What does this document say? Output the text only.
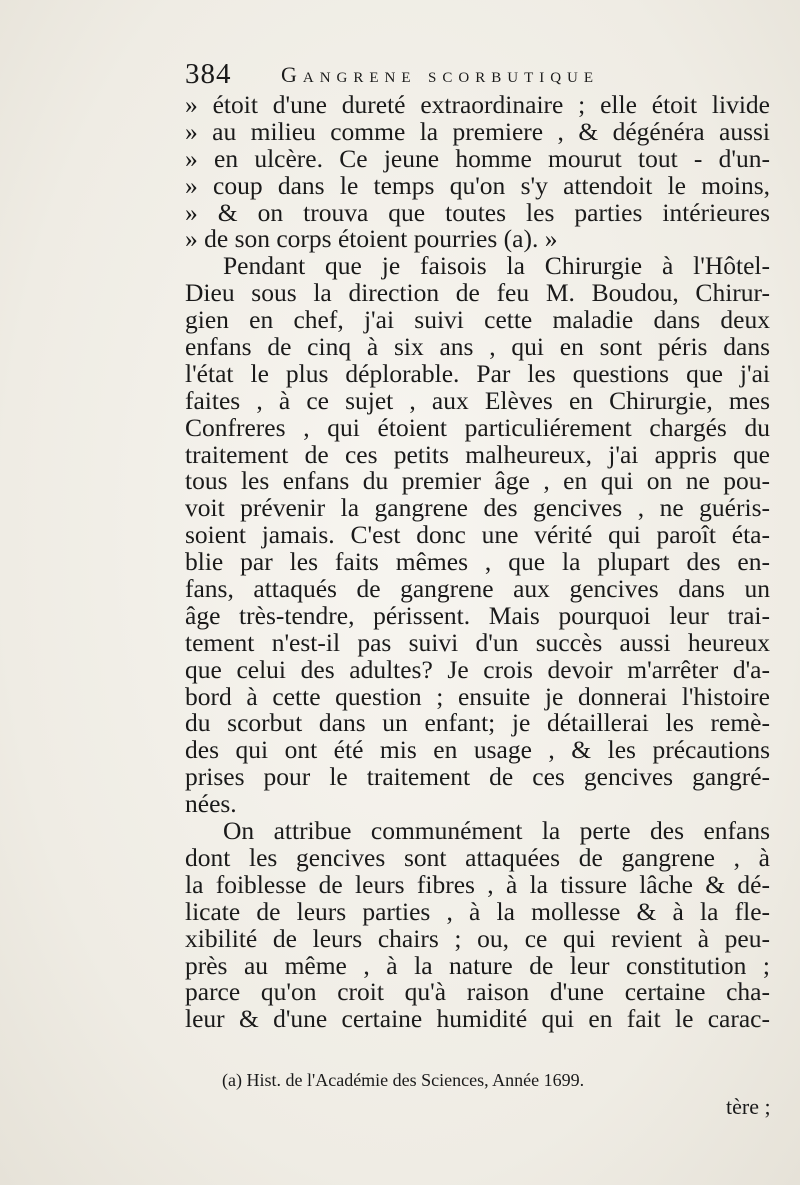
384 Gangrene scorbutique
» étoit d'une dureté extraordinaire ; elle étoit livide
» au milieu comme la premiere , & dégénéra aussi
» en ulcère. Ce jeune homme mourut tout - d'un-
» coup dans le temps qu'on s'y attendoit le moins,
» & on trouva que toutes les parties intérieures
» de son corps étoient pourries (a). »
Pendant que je faisois la Chirurgie à l'Hôtel-
Dieu sous la direction de feu M. Boudou, Chirur-
gien en chef, j'ai suivi cette maladie dans deux
enfans de cinq à six ans , qui en sont péris dans
l'état le plus déplorable. Par les questions que j'ai
faites , à ce sujet , aux Elèves en Chirurgie, mes
Confreres , qui étoient particuliérement chargés du
traitement de ces petits malheureux, j'ai appris que
tous les enfans du premier âge , en qui on ne pou-
voit prévenir la gangrene des gencives , ne guéris-
soient jamais. C'est donc une vérité qui paroît éta-
blie par les faits mêmes , que la plupart des en-
fans, attaqués de gangrene aux gencives dans un
âge très-tendre, périssent. Mais pourquoi leur trai-
tement n'est-il pas suivi d'un succès aussi heureux
que celui des adultes? Je crois devoir m'arrêter d'a-
bord à cette question ; ensuite je donnerai l'histoire
du scorbut dans un enfant; je détaillerai les remè-
des qui ont été mis en usage , & les précautions
prises pour le traitement de ces gencives gangré-
nées.
On attribue communément la perte des enfans
dont les gencives sont attaquées de gangrene , à
la foiblesse de leurs fibres , à la tissure lâche & dé-
licate de leurs parties , à la mollesse & à la fle-
xibilité de leurs chairs ; ou, ce qui revient à peu-
près au même , à la nature de leur constitution ;
parce qu'on croit qu'à raison d'une certaine cha-
leur & d'une certaine humidité qui en fait le carac-
(a) Hist. de l'Académie des Sciences, Année 1699.
tère ;
